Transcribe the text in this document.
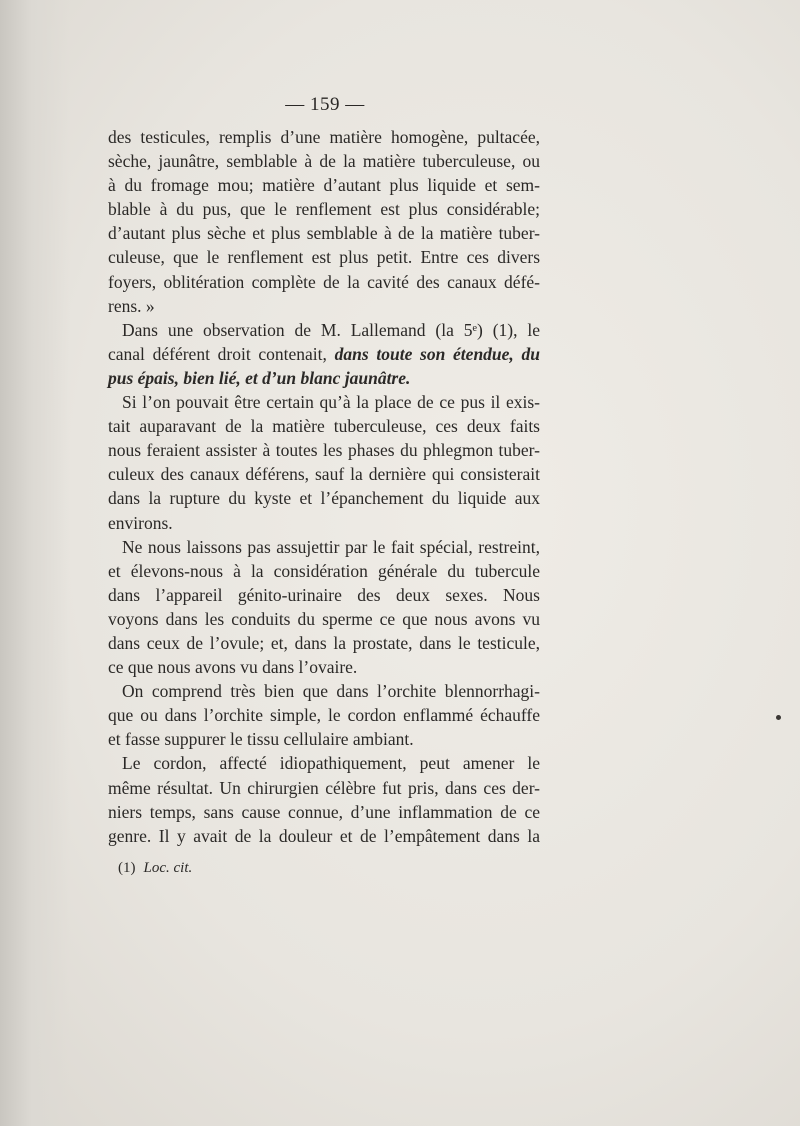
— 159 —
des testicules, remplis d’une matière homogène, pultacée,
sèche, jaunâtre, semblable à de la matière tuberculeuse, ou
à du fromage mou; matière d’autant plus liquide et sem-
blable à du pus, que le renflement est plus considérable;
d’autant plus sèche et plus semblable à de la matière tuber-
culeuse, que le renflement est plus petit. Entre ces divers
foyers, oblitération complète de la cavité des canaux défé-
rens. »
Dans une observation de M. Lallemand (la 5ᵉ) (1), le
canal déférent droit contenait, dans toute son étendue, du
pus épais, bien lié, et d’un blanc jaunâtre.
Si l’on pouvait être certain qu’à la place de ce pus il exis-
tait auparavant de la matière tuberculeuse, ces deux faits
nous feraient assister à toutes les phases du phlegmon tuber-
culeux des canaux déférens, sauf la dernière qui consisterait
dans la rupture du kyste et l’épanchement du liquide aux
environs.
Ne nous laissons pas assujettir par le fait spécial, restreint,
et élevons-nous à la considération générale du tubercule
dans l’appareil génito-urinaire des deux sexes. Nous
voyons dans les conduits du sperme ce que nous avons vu
dans ceux de l’ovule; et, dans la prostate, dans le testicule,
ce que nous avons vu dans l’ovaire.
On comprend très bien que dans l’orchite blennorrhagi-
que ou dans l’orchite simple, le cordon enflammé échauffe
et fasse suppurer le tissu cellulaire ambiant.
Le cordon, affecté idiopathiquement, peut amener le
même résultat. Un chirurgien célèbre fut pris, dans ces der-
niers temps, sans cause connue, d’une inflammation de ce
genre. Il y avait de la douleur et de l’empâtement dans la
(1) Loc. cit.
